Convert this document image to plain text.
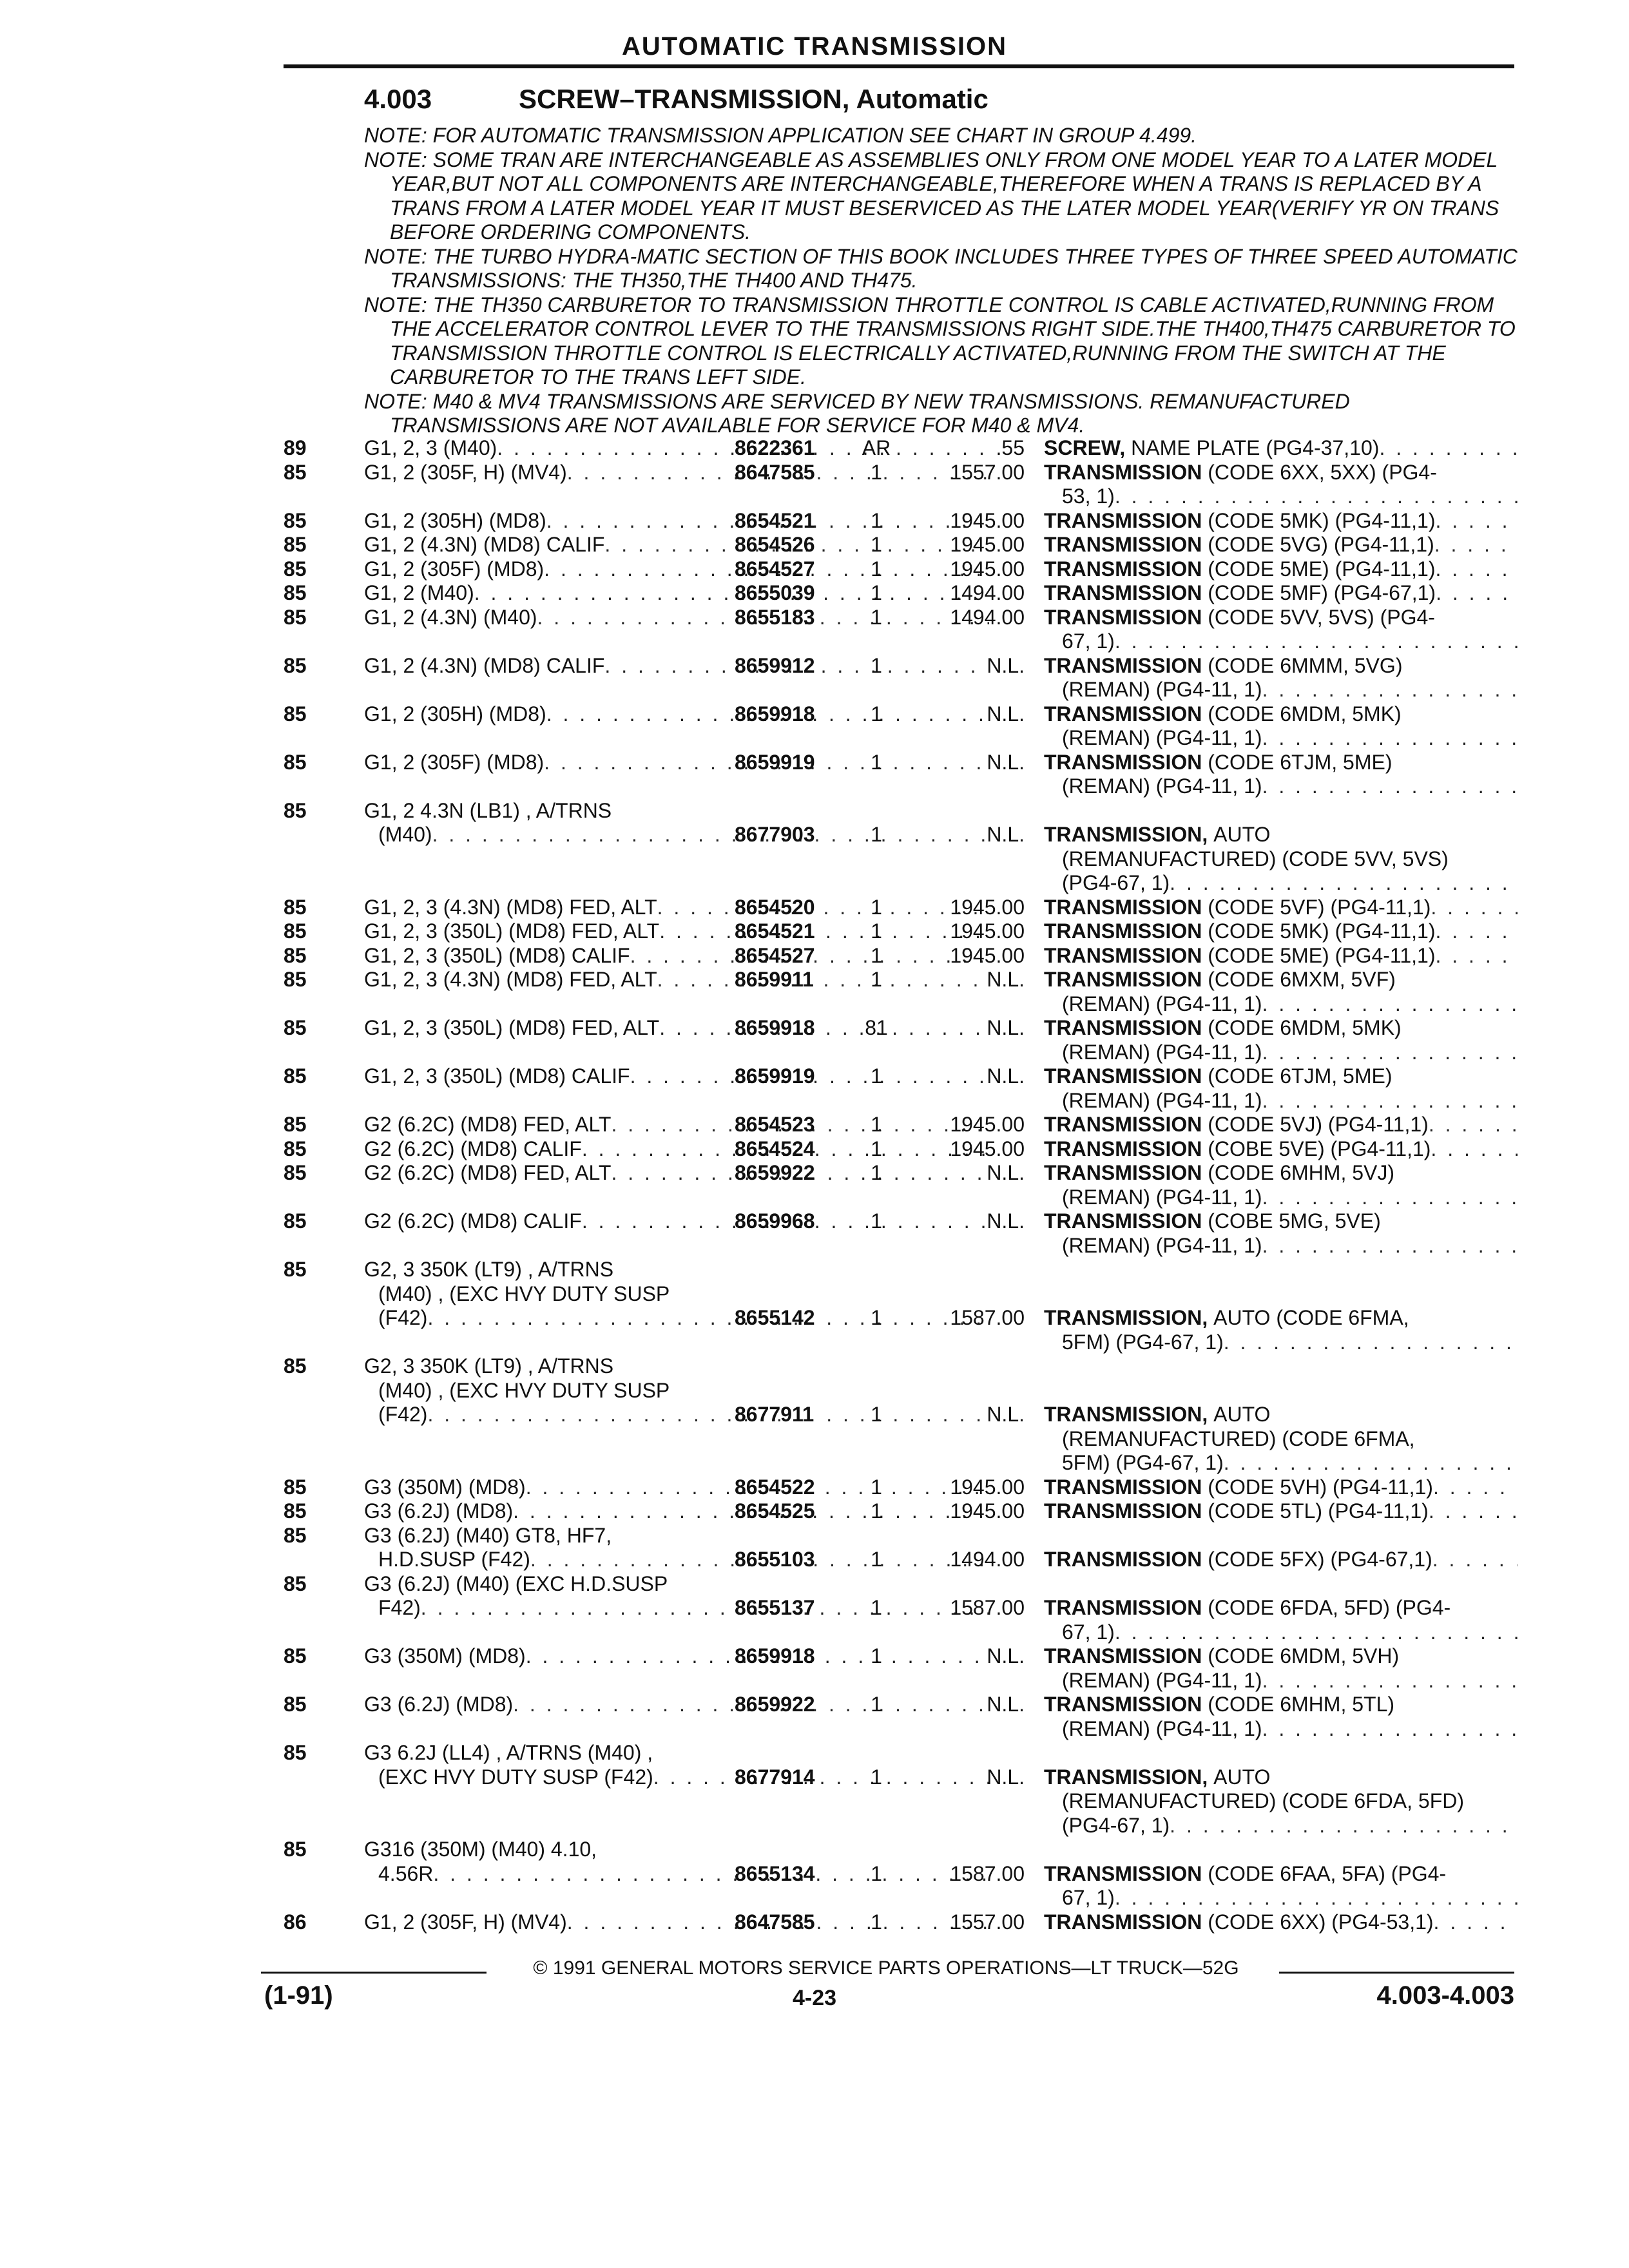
AUTOMATIC TRANSMISSION
4.003	SCREW–TRANSMISSION, Automatic
NOTE: FOR AUTOMATIC TRANSMISSION APPLICATION SEE CHART IN GROUP 4.499.
NOTE: SOME TRAN ARE INTERCHANGEABLE AS ASSEMBLIES ONLY FROM ONE MODEL YEAR TO A LATER MODEL YEAR,BUT NOT ALL COMPONENTS ARE INTERCHANGEABLE,THEREFORE WHEN A TRANS IS REPLACED BY A TRANS FROM A LATER MODEL YEAR IT MUST BESERVICED AS THE LATER MODEL YEAR(VERIFY YR ON TRANS BEFORE ORDERING COMPONENTS.
NOTE: THE TURBO HYDRA-MATIC SECTION OF THIS BOOK INCLUDES THREE TYPES OF THREE SPEED AUTOMATIC TRANSMISSIONS: THE TH350,THE TH400 AND TH475.
NOTE: THE TH350 CARBURETOR TO TRANSMISSION THROTTLE CONTROL IS CABLE ACTIVATED,RUNNING FROM THE ACCELERATOR CONTROL LEVER TO THE TRANSMISSIONS RIGHT SIDE.THE TH400,TH475 CARBURETOR TO TRANSMISSION THROTTLE CONTROL IS ELECTRICALLY ACTIVATED,RUNNING FROM THE SWITCH AT THE CARBURETOR TO THE TRANS LEFT SIDE.
NOTE: M40 & MV4 TRANSMISSIONS ARE SERVICED BY NEW TRANSMISSIONS. REMANUFACTURED TRANSMISSIONS ARE NOT AVAILABLE FOR SERVICE FOR M40 & MV4.
89	G1, 2, 3 (M40) . . .	8622361	AR	.55 SCREW,
NAME PLATE (PG4-37,10)
. . .
85	G1, 2 (305F, H) (MV4) . . .	8647585	1	1557.00 TRANSMISSION
(CODE 6XX, 5XX) (PG4-
53, 1)
. . .
85	G1, 2 (305H) (MD8) . . .	8654521	1	1945.00 TRANSMISSION
(CODE 5MK) (PG4-11,1)
. . .
85	G1, 2 (4.3N) (MD8) CALIF . . .	8654526	1	1945.00 TRANSMISSION
(CODE 5VG) (PG4-11,1)
. . .
85	G1, 2 (305F) (MD8) . . .	8654527	1	1945.00 TRANSMISSION
(CODE 5ME) (PG4-11,1)
. . .
85	G1, 2 (M40) . . .	8655039	1	1494.00 TRANSMISSION
(CODE 5MF) (PG4-67,1)
. . .
85	G1, 2 (4.3N) (M40) . . .	8655183	1	1494.00 TRANSMISSION
(CODE 5VV, 5VS) (PG4-
67, 1)
. . .
85	G1, 2 (4.3N) (MD8) CALIF . . .	8659912	1	N.L. TRANSMISSION
(CODE 6MMM, 5VG)
(REMAN) (PG4-11, 1)
. . .
85	G1, 2 (305H) (MD8) . . .	8659918	1	N.L. TRANSMISSION
(CODE 6MDM, 5MK)
(REMAN) (PG4-11, 1)
. . .
85	G1, 2 (305F) (MD8) . . .	8659919	1	N.L. TRANSMISSION
(CODE 6TJM, 5ME)
(REMAN) (PG4-11, 1)
. . .
85	G1, 2 4.3N (LB1) , A/TRNS
(M40) . . .	8677903	1	N.L. TRANSMISSION,
AUTO
(REMANUFACTURED) (CODE 5VV, 5VS)
(PG4-67, 1)
. . .
85	G1, 2, 3 (4.3N) (MD8) FED, ALT . . .	8654520	1	1945.00 TRANSMISSION
(CODE 5VF) (PG4-11,1)
. . .
85	G1, 2, 3 (350L) (MD8) FED, ALT . . .	8654521	1	1945.00 TRANSMISSION
(CODE 5MK) (PG4-11,1)
. . .
85	G1, 2, 3 (350L) (MD8) CALIF . . .	8654527	1	1945.00 TRANSMISSION
(CODE 5ME) (PG4-11,1)
. . .
85	G1, 2, 3 (4.3N) (MD8) FED, ALT . . .	8659911	1	N.L. TRANSMISSION
(CODE 6MXM, 5VF)
(REMAN) (PG4-11, 1)
. . .
85	G1, 2, 3 (350L) (MD8) FED, ALT . . .	8659918	81	N.L. TRANSMISSION
(CODE 6MDM, 5MK)
(REMAN) (PG4-11, 1)
. . .
85	G1, 2, 3 (350L) (MD8) CALIF . . .	8659919	1	N.L. TRANSMISSION
(CODE 6TJM, 5ME)
(REMAN) (PG4-11, 1)
. . .
85	G2 (6.2C) (MD8) FED, ALT . . .	8654523	1	1945.00 TRANSMISSION
(CODE 5VJ) (PG4-11,1)
. . .
85	G2 (6.2C) (MD8) CALIF . . .	8654524	1	1945.00 TRANSMISSION
(COBE 5VE) (PG4-11,1)
. . .
85	G2 (6.2C) (MD8) FED, ALT . . .	8659922	1	N.L. TRANSMISSION
(CODE 6MHM, 5VJ)
(REMAN) (PG4-11, 1)
. . .
85	G2 (6.2C) (MD8) CALIF . . .	8659968	1	N.L. TRANSMISSION
(COBE 5MG, 5VE)
(REMAN) (PG4-11, 1)
. . .
85	G2, 3 350K (LT9) , A/TRNS
(M40) , (EXC HVY DUTY SUSP
(F42) . . .	8655142	1	1587.00 TRANSMISSION,
AUTO (CODE 6FMA,
5FM) (PG4-67, 1)
. . .
85	G2, 3 350K (LT9) , A/TRNS
(M40) , (EXC HVY DUTY SUSP
(F42) . . .	8677911	1	N.L. TRANSMISSION,
AUTO
(REMANUFACTURED) (CODE 6FMA,
5FM) (PG4-67, 1)
. . .
85	G3 (350M) (MD8) . . .	8654522	1	1945.00 TRANSMISSION
(CODE 5VH) (PG4-11,1)
. . .
85	G3 (6.2J) (MD8) . . .	8654525	1	1945.00 TRANSMISSION
(CODE 5TL) (PG4-11,1)
. . .
85	G3 (6.2J) (M40) GT8, HF7,
H.D.SUSP (F42) . . .	8655103	1	1494.00 TRANSMISSION
(CODE 5FX) (PG4-67,1)
. . .
85	G3 (6.2J) (M40) (EXC H.D.SUSP
F42) . . .	8655137	1	1587.00 TRANSMISSION
(CODE 6FDA, 5FD) (PG4-
67, 1)
. . .
85	G3 (350M) (MD8) . . .	8659918	1	N.L. TRANSMISSION
(CODE 6MDM, 5VH)
(REMAN) (PG4-11, 1)
. . .
85	G3 (6.2J) (MD8) . . .	8659922	1	N.L. TRANSMISSION
(CODE 6MHM, 5TL)
(REMAN) (PG4-11, 1)
. . .
85	G3 6.2J (LL4) , A/TRNS (M40) ,
(EXC HVY DUTY SUSP (F42) . . .	8677914	1	N.L. TRANSMISSION,
AUTO
(REMANUFACTURED) (CODE 6FDA, 5FD)
(PG4-67, 1)
. . .
85	G316 (350M) (M40) 4.10,
4.56R . . .	8655134	1	1587.00 TRANSMISSION
(CODE 6FAA, 5FA) (PG4-
67, 1)
. . .
86	G1, 2 (305F, H) (MV4) . . .	8647585	1	1557.00 TRANSMISSION
(CODE 6XX) (PG4-53,1)
. . .
© 1991 GENERAL MOTORS SERVICE PARTS OPERATIONS—LT TRUCK—52G
(1-91)	4-23	4.003-4.003
